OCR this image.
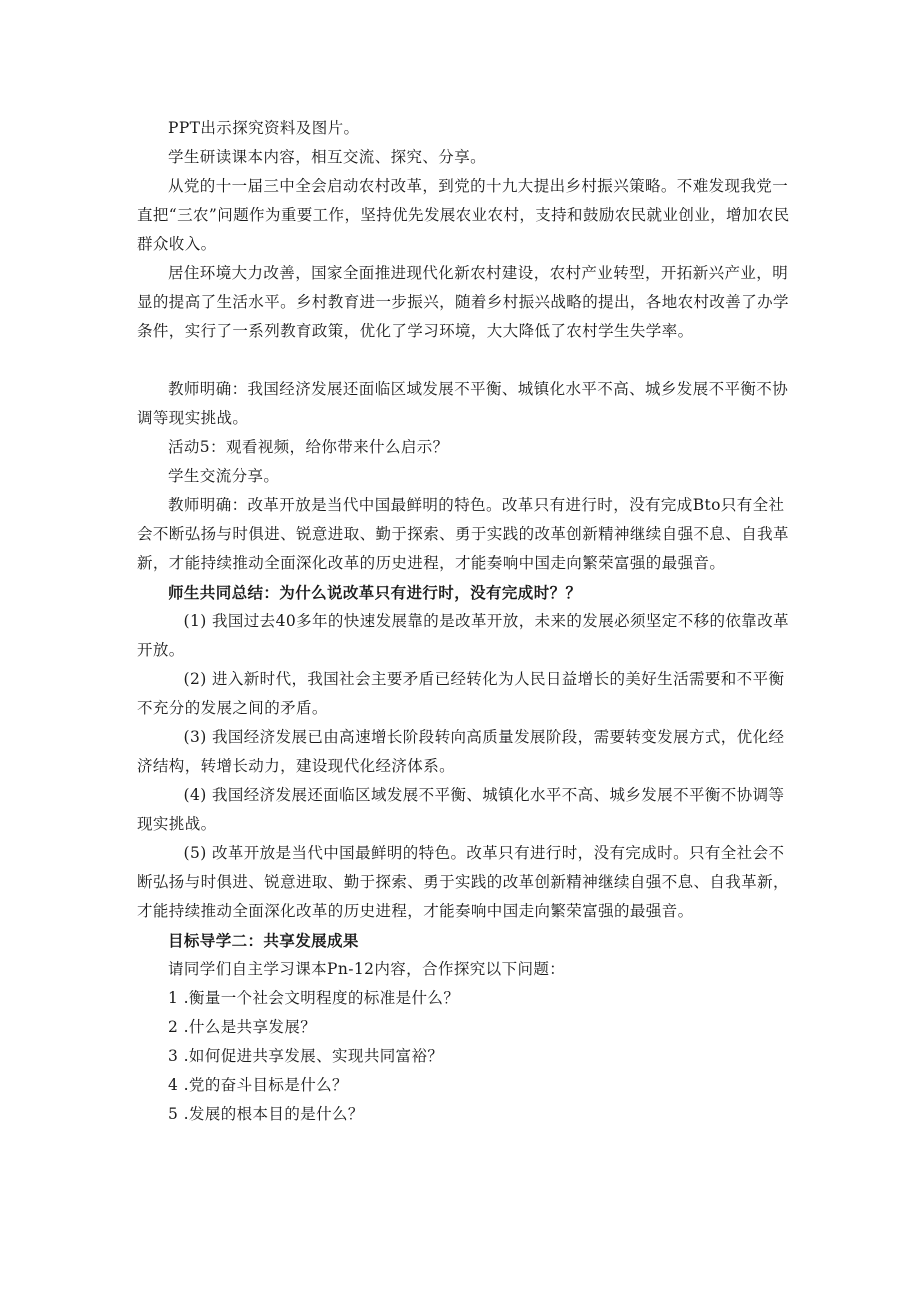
PPT出示探究资料及图片。

学生研读课本内容，相互交流、探究、分享。

从党的十一届三中全会启动农村改革，到党的十九大提出乡村振兴策略。不难发现我党一直把“三农”问题作为重要工作，坚持优先发展农业农村，支持和鼓励农民就业创业，增加农民群众收入。

居住环境大力改善，国家全面推进现代化新农村建设，农村产业转型，开拓新兴产业，明显的提高了生活水平。乡村教育进一步振兴，随着乡村振兴战略的提出，各地农村改善了办学条件，实行了一系列教育政策，优化了学习环境，大大降低了农村学生失学率。

教师明确：我国经济发展还面临区域发展不平衡、城镇化水平不高、城乡发展不平衡不协调等现实挑战。

活动5：观看视频，给你带来什么启示？

学生交流分享。

教师明确：改革开放是当代中国最鲜明的特色。改革只有进行时，没有完成Bto只有全社会不断弘扬与时俱进、锐意进取、勤于探索、勇于实践的改革创新精神继续自强不息、自我革新，才能持续推动全面深化改革的历史进程，才能奏响中国走向繁荣富强的最强音。

师生共同总结：为什么说改革只有进行时，没有完成时？？

(1) 我国过去40多年的快速发展靠的是改革开放，未来的发展必须坚定不移的依靠改革开放。

(2) 进入新时代，我国社会主要矛盾已经转化为人民日益增长的美好生活需要和不平衡不充分的发展之间的矛盾。

(3) 我国经济发展已由高速增长阶段转向高质量发展阶段，需要转变发展方式，优化经济结构，转增长动力，建设现代化经济体系。

(4) 我国经济发展还面临区域发展不平衡、城镇化水平不高、城乡发展不平衡不协调等现实挑战。

(5) 改革开放是当代中国最鲜明的特色。改革只有进行时，没有完成时。只有全社会不断弘扬与时俱进、锐意进取、勤于探索、勇于实践的改革创新精神继续自强不息、自我革新，才能持续推动全面深化改革的历史进程，才能奏响中国走向繁荣富强的最强音。

目标导学二：共享发展成果

请同学们自主学习课本Pn-12内容，合作探究以下问题：

1 .衡量一个社会文明程度的标准是什么？

2 .什么是共享发展？

3 .如何促进共享发展、实现共同富裕？

4 .党的奋斗目标是什么？

5 .发展的根本目的是什么？
